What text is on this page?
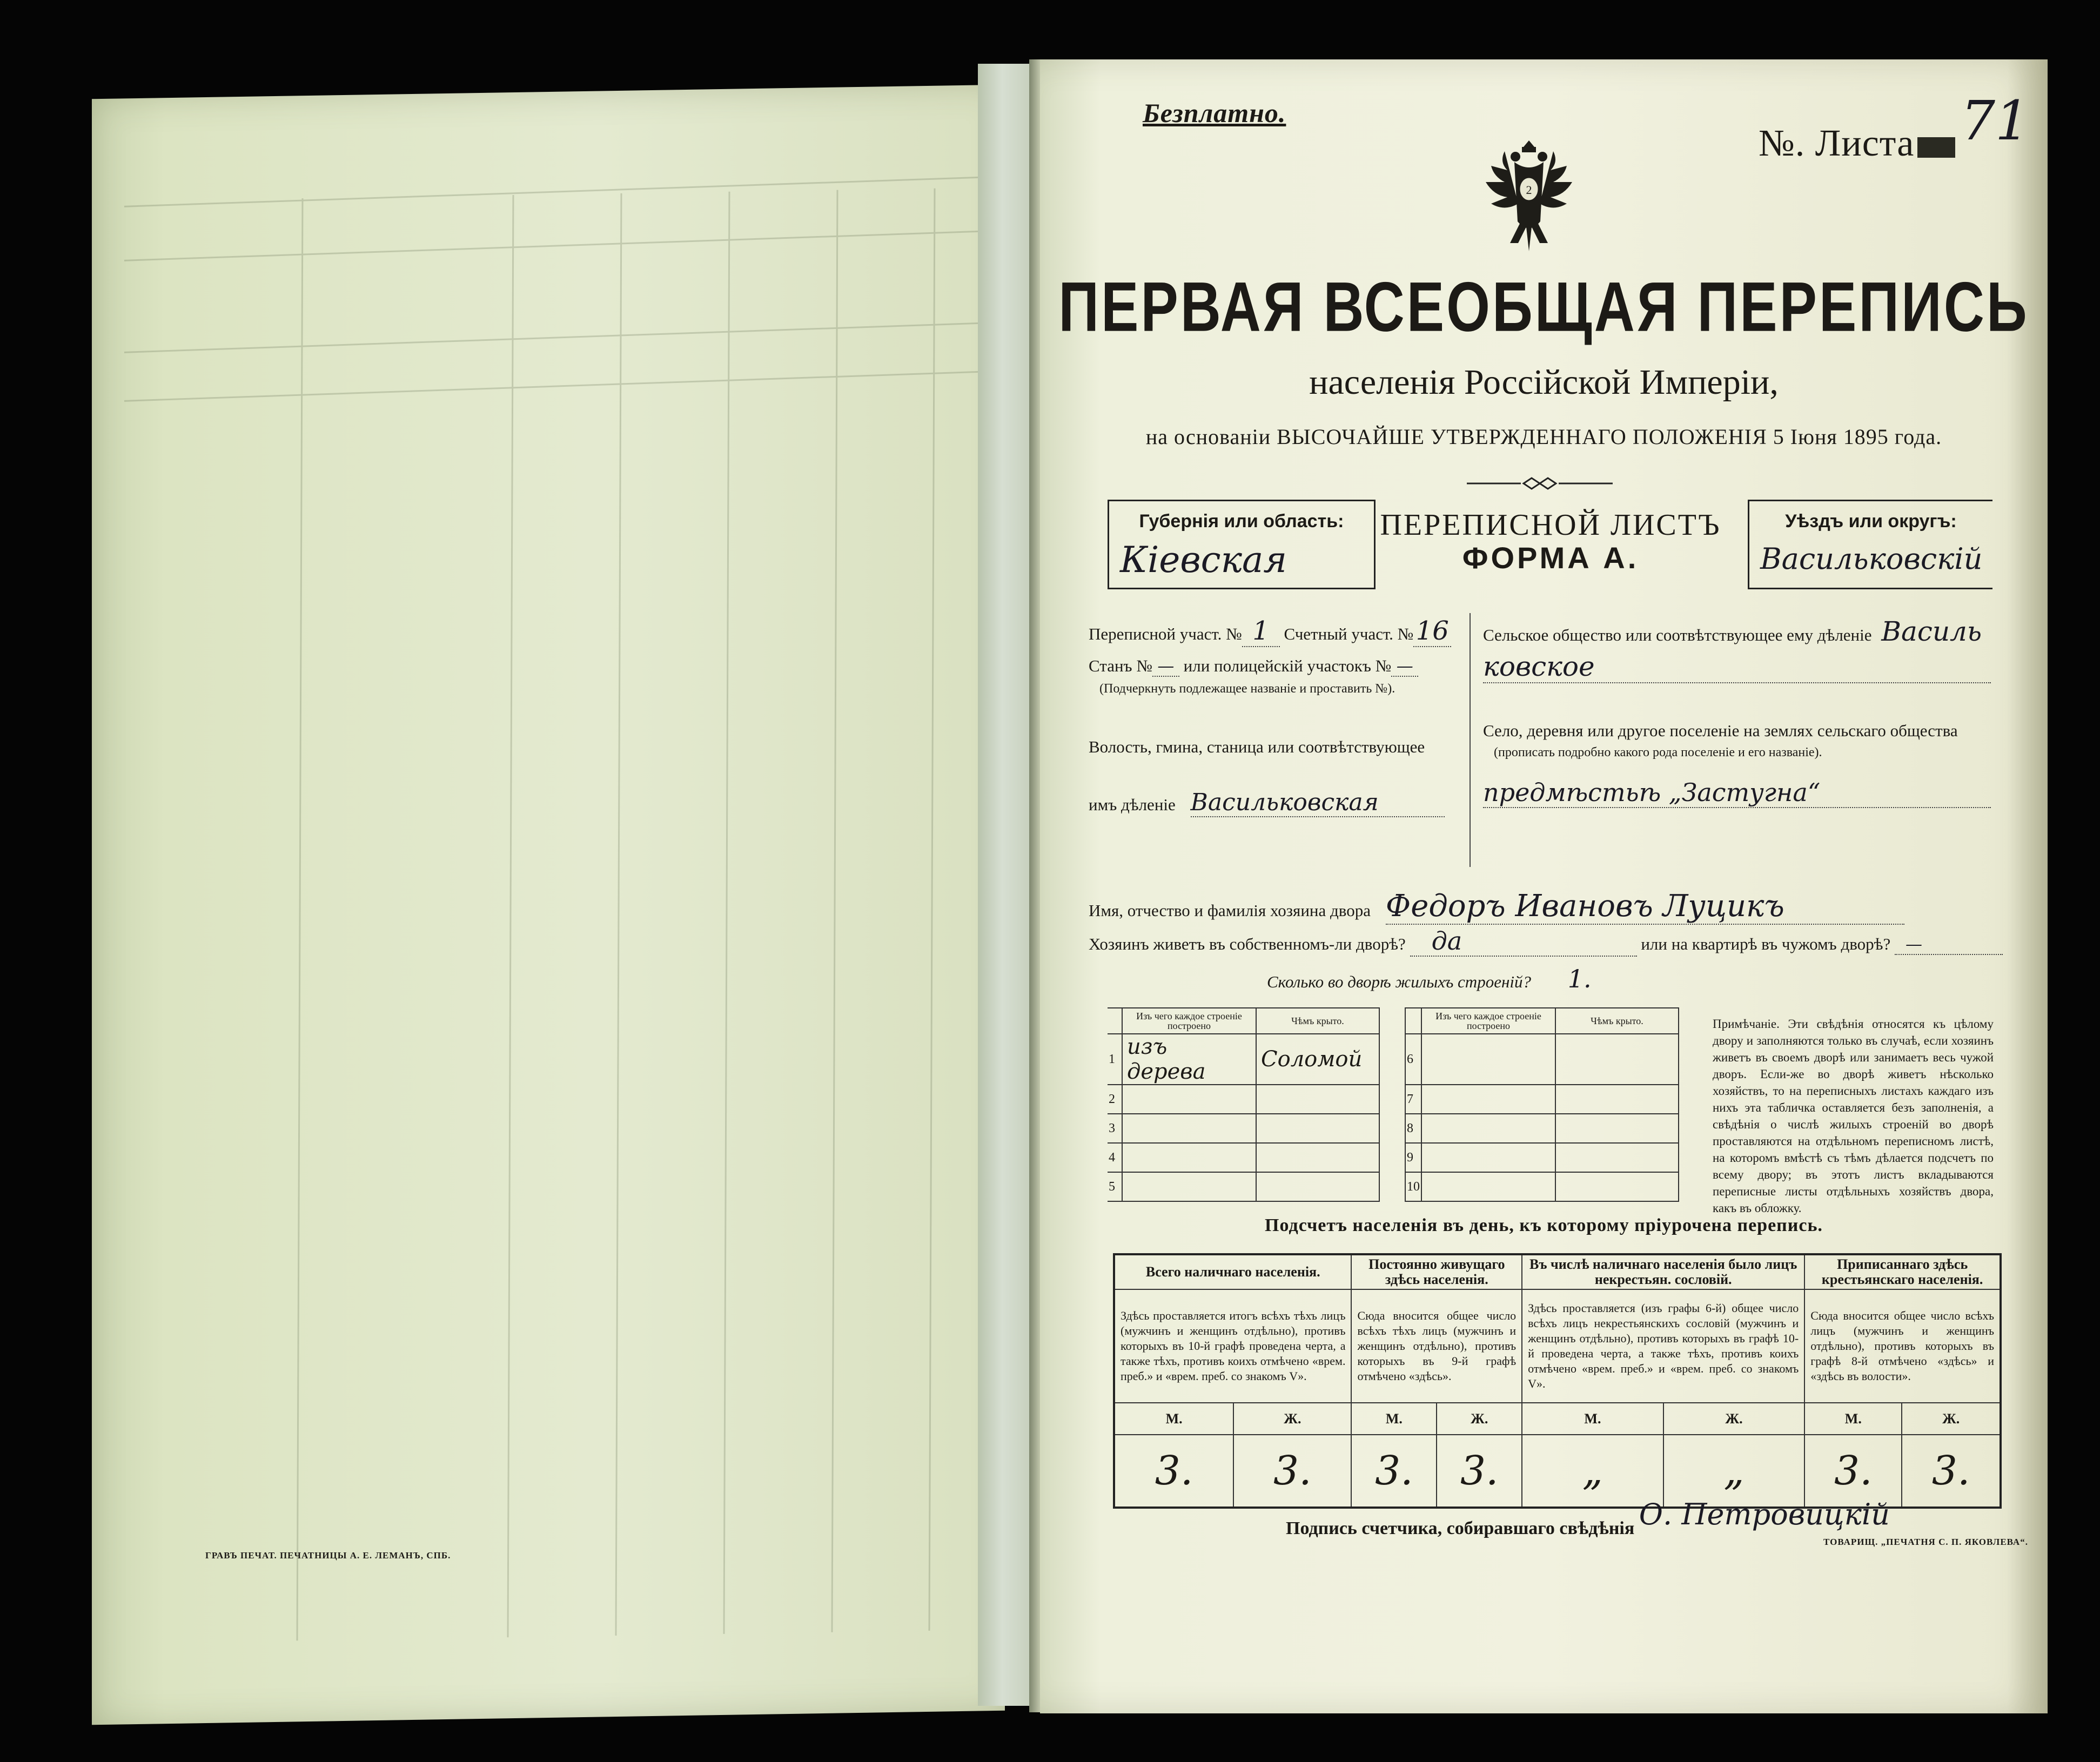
Безплатно.
№. Листа 71
2
ПЕРВАЯ ВСЕОБЩАЯ ПЕРЕПИСЬ
населенія Россійской Имперіи,
на основаніи ВЫСОЧАЙШЕ УТВЕРЖДЕННАГО ПОЛОЖЕНІЯ 5 Іюня 1895 года.
Губернія или область:
Кіевская
ПЕРЕПИСНОЙ ЛИСТЪ
ФОРМА А.
Уѣздъ или округъ:
Васильковскій
Переписной участ. № 1 Счетный участ. №16
Станъ № — или полицейскій участокъ № —
(Подчеркнуть подлежащее названіе и проставить №).
Волость, гмина, станица или соотвѣтствующее
имъ дѣленіе Васильковская
Сельское общество или соотвѣтствующее ему дѣленіе Василь
ковское
Село, деревня или другое поселеніе на землях сельскаго общества
(прописать подробно какого рода поселеніе и его названіе).
предмѣстьѣ „Застугна“
Имя, отчество и фамилія хозяина двора Федоръ Ивановъ Луцикъ
Хозяинъ живетъ въ собственномъ-ли дворѣ? да	или на квартирѣ въ чужомъ дворѣ? —
Сколько во дворѣ жилыхъ строеній? 1.
	Изъ чего каждое строеніе построено	Чѣмъ крыто.			Изъ чего каждое строеніе построено	Чѣмъ крыто.
1	изъ дерева	Соломой		6		
2				7		
3				8		
4				9		
5				10		
Примѣчаніе. Эти свѣдѣнія относятся къ цѣлому двору и заполняются только въ случаѣ, если хозяинъ живетъ въ своемъ дворѣ или занимаетъ весь чужой дворъ. Если-же во дворѣ живетъ нѣсколько хозяйствъ, то на переписныхъ листахъ каждаго изъ нихъ эта табличка оставляется безъ заполненія, а свѣдѣнія о числѣ жилыхъ строеній во дворѣ проставляются на отдѣльномъ переписномъ листѣ, на которомъ вмѣстѣ съ тѣмъ дѣлается подсчетъ по всему двору; въ этотъ листъ вкладываются переписные листы отдѣльныхъ хозяйствъ двора, какъ въ обложку.
Подсчетъ населенія въ день, къ которому пріурочена перепись.
Всего наличнаго населенія.		Постоянно живущаго здѣсь населенія.		Въ числѣ наличнаго населенія было лицъ некрестьян. сословій.		Приписаннаго здѣсь крестьянскаго населенія.	
Здѣсь проставляется итогъ всѣхъ тѣхъ лицъ (мужчинъ и женщинъ отдѣльно), противъ которыхъ въ 10-й графѣ проведена черта, а также тѣхъ, противъ коихъ отмѣчено «врем. преб.» и «врем. преб. со знакомъ V».		Сюда вносится общее число всѣхъ тѣхъ лицъ (мужчинъ и женщинъ отдѣльно), противъ которыхъ въ 9-й графѣ отмѣчено «здѣсь».		Здѣсь проставляется (изъ графы 6-й) общее число всѣхъ лицъ некрестьянскихъ сословій (мужчинъ и женщинъ отдѣльно), противъ которыхъ въ графѣ 10-й проведена черта, а также тѣхъ, противъ коихъ отмѣчено «врем. преб.» и «врем. преб. со знакомъ V».		Сюда вносится общее число всѣхъ лицъ (мужчинъ и женщинъ отдѣльно), противъ которыхъ въ графѣ 8-й отмѣчено «здѣсь» и «здѣсь въ волости».	
М.	Ж.	М.	Ж.	М.	Ж.	М.	Ж.
3.	3.	3.	3.	„	„	3.	3.
Подпись счетчика, собиравшаго свѣдѣнія О. Петровицкій
ГРАВЪ ПЕЧАТ. ПЕЧАТНИЦЫ А. Е. ЛЕМАНЪ, СПБ.
ТОВАРИЩ. „ПЕЧАТНЯ С. П. ЯКОВЛЕВА“.
